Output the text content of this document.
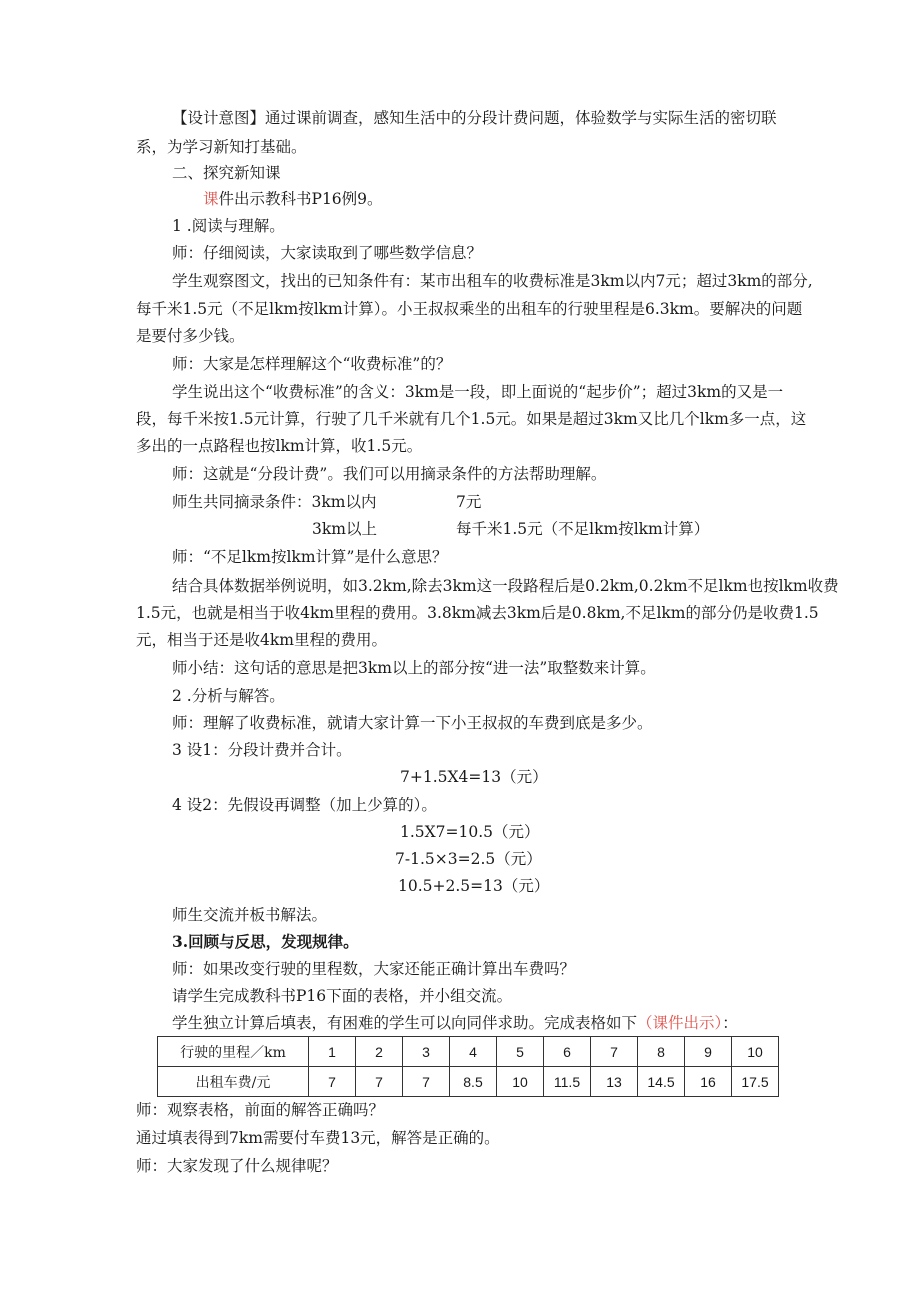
【设计意图】通过课前调查，感知生活中的分段计费问题，体验数学与实际生活的密切联
系，为学习新知打基础。
二、探究新知课
课件出示教科书P16例9。
1 .阅读与理解。
师：仔细阅读，大家读取到了哪些数学信息？
学生观察图文，找出的已知条件有：某市出租车的收费标准是3km以内7元；超过3km的部分,
每千米1.5元（不足lkm按lkm计算）。小王叔叔乘坐的出租车的行驶里程是6.3km。要解决的问题
是要付多少钱。
师：大家是怎样理解这个“收费标准”的？
学生说出这个“收费标准”的含义：3km是一段，即上面说的“起步价”；超过3km的又是一
段，每千米按1.5元计算，行驶了几千米就有几个1.5元。如果是超过3km又比几个lkm多一点，这
多出的一点路程也按lkm计算，收1.5元。
师：这就是“分段计费”。我们可以用摘录条件的方法帮助理解。
师生共同摘录条件：3km以内	7元
3km以上	每千米1.5元（不足lkm按lkm计算）
师：“不足lkm按lkm计算”是什么意思？
结合具体数据举例说明，如3.2km,除去3km这一段路程后是0.2km,0.2km不足lkm也按lkm收费
1.5元，也就是相当于收4km里程的费用。3.8km减去3km后是0.8km,不足lkm的部分仍是收费1.5
元，相当于还是收4km里程的费用。
师小结：这句话的意思是把3km以上的部分按“进一法”取整数来计算。
2 .分析与解答。
师：理解了收费标准，就请大家计算一下小王叔叔的车费到底是多少。
3 设1：分段计费并合计。
7+1.5X4=13（元）
4 设2：先假设再调整（加上少算的）。
1.5X7=10.5（元）
7-1.5×3=2.5（元）
10.5+2.5=13（元）
师生交流并板书解法。
3.回顾与反思，发现规律。
师：如果改变行驶的里程数，大家还能正确计算出车费吗？
请学生完成教科书P16下面的表格，并小组交流。
学生独立计算后填表，有困难的学生可以向同伴求助。完成表格如下（课件出示）：
行驶的里程／km	1	2	3	4	5	6	7	8	9	10
出租车费/元	7	7	7	8.5	10	11.5	13	14.5	16	17.5
师：观察表格，前面的解答正确吗？
通过填表得到7km需要付车费13元，解答是正确的。
师：大家发现了什么规律呢？
